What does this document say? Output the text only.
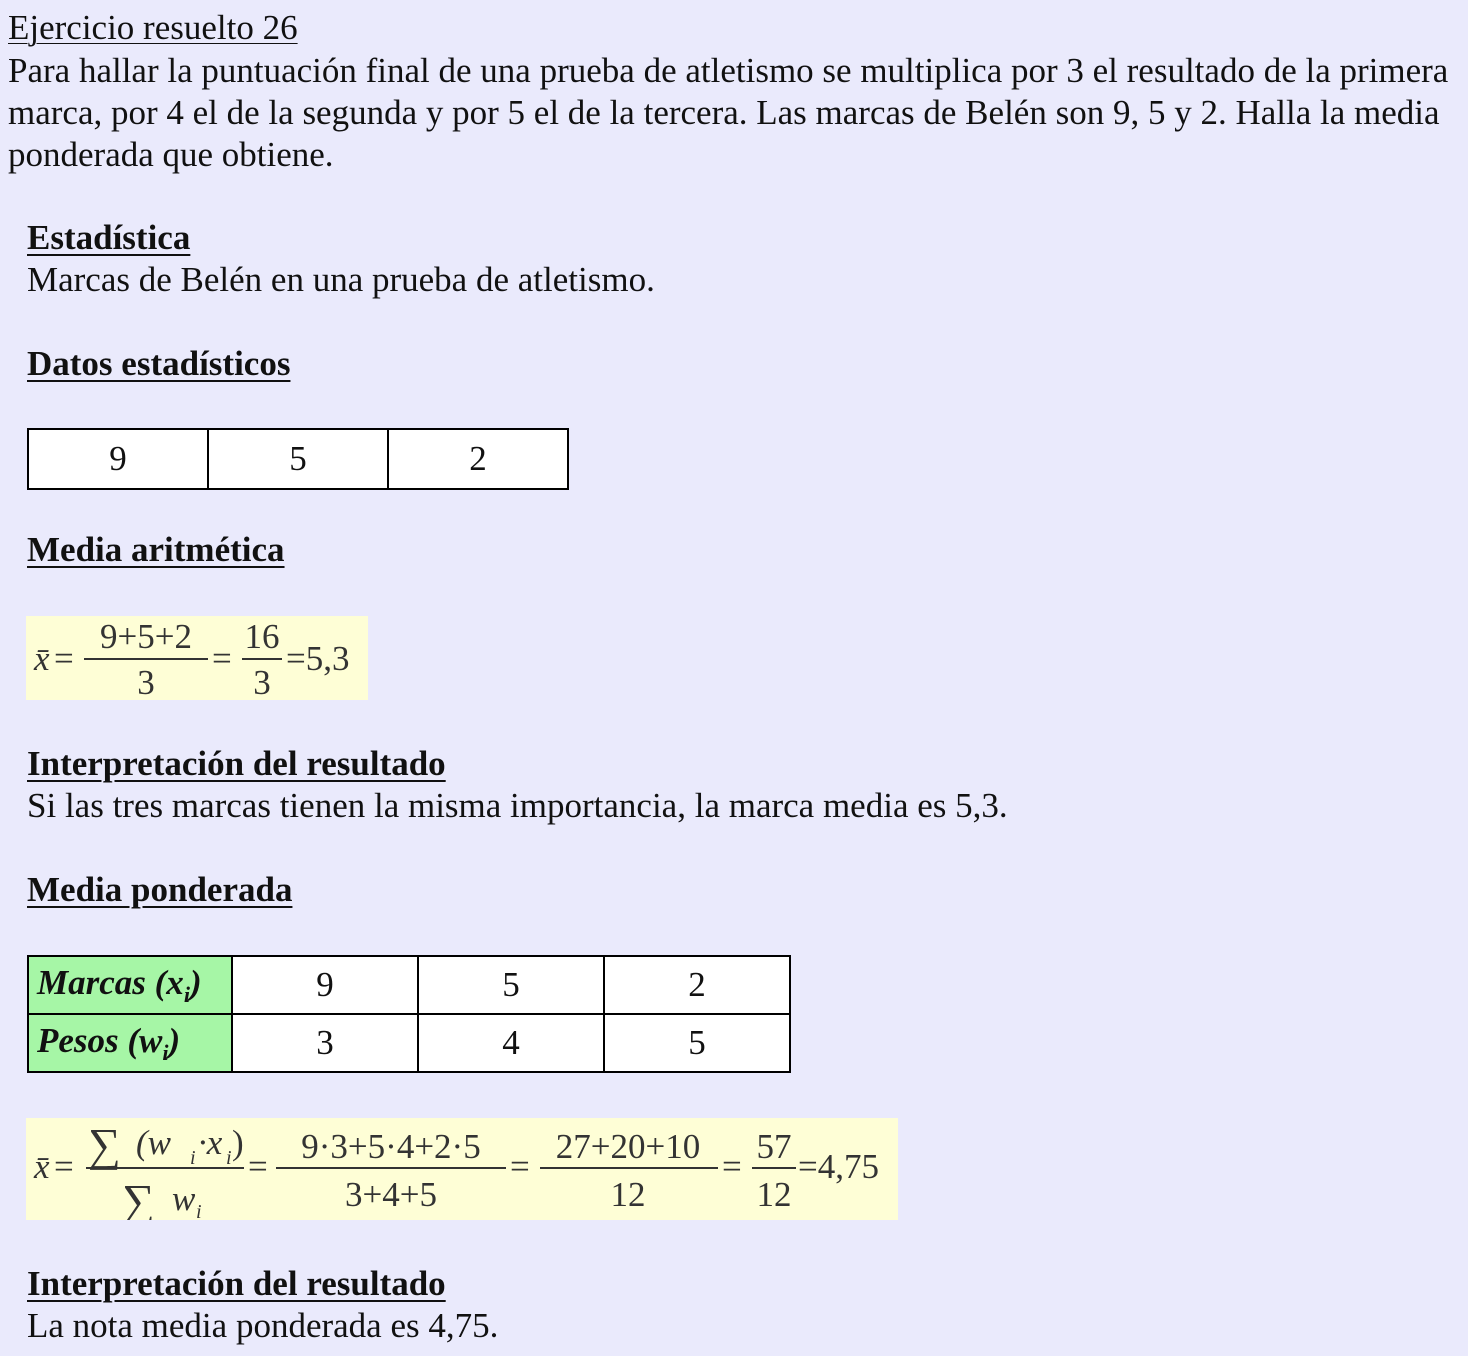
Ejercicio resuelto 26
Para hallar la puntuación final de una prueba de atletismo se multiplica por 3 el resultado de la primera marca, por 4 el de la segunda y por 5 el de la tercera. Las marcas de Belén son 9, 5 y 2. Halla la media ponderada que obtiene.
Estadística
Marcas de Belén en una prueba de atletismo.
Datos estadísticos
9	5	2
Media aritmética
x̄ =
9+5+2
3
=
16
3
=5,3
Interpretación del resultado
Si las tres marcas tienen la misma importancia, la marca media es 5,3.
Media ponderada
Marcas $(x_i)$	9	5	2
Pesos $(w_i)$	3	4	5
x̄ = ∑ (w i ·x i )
∑ w i
=
9·3+5·4+2·5
3+4+5
=
27+20+10
12
=
57
12
=4,75
Interpretación del resultado
La nota media ponderada es 4,75.
